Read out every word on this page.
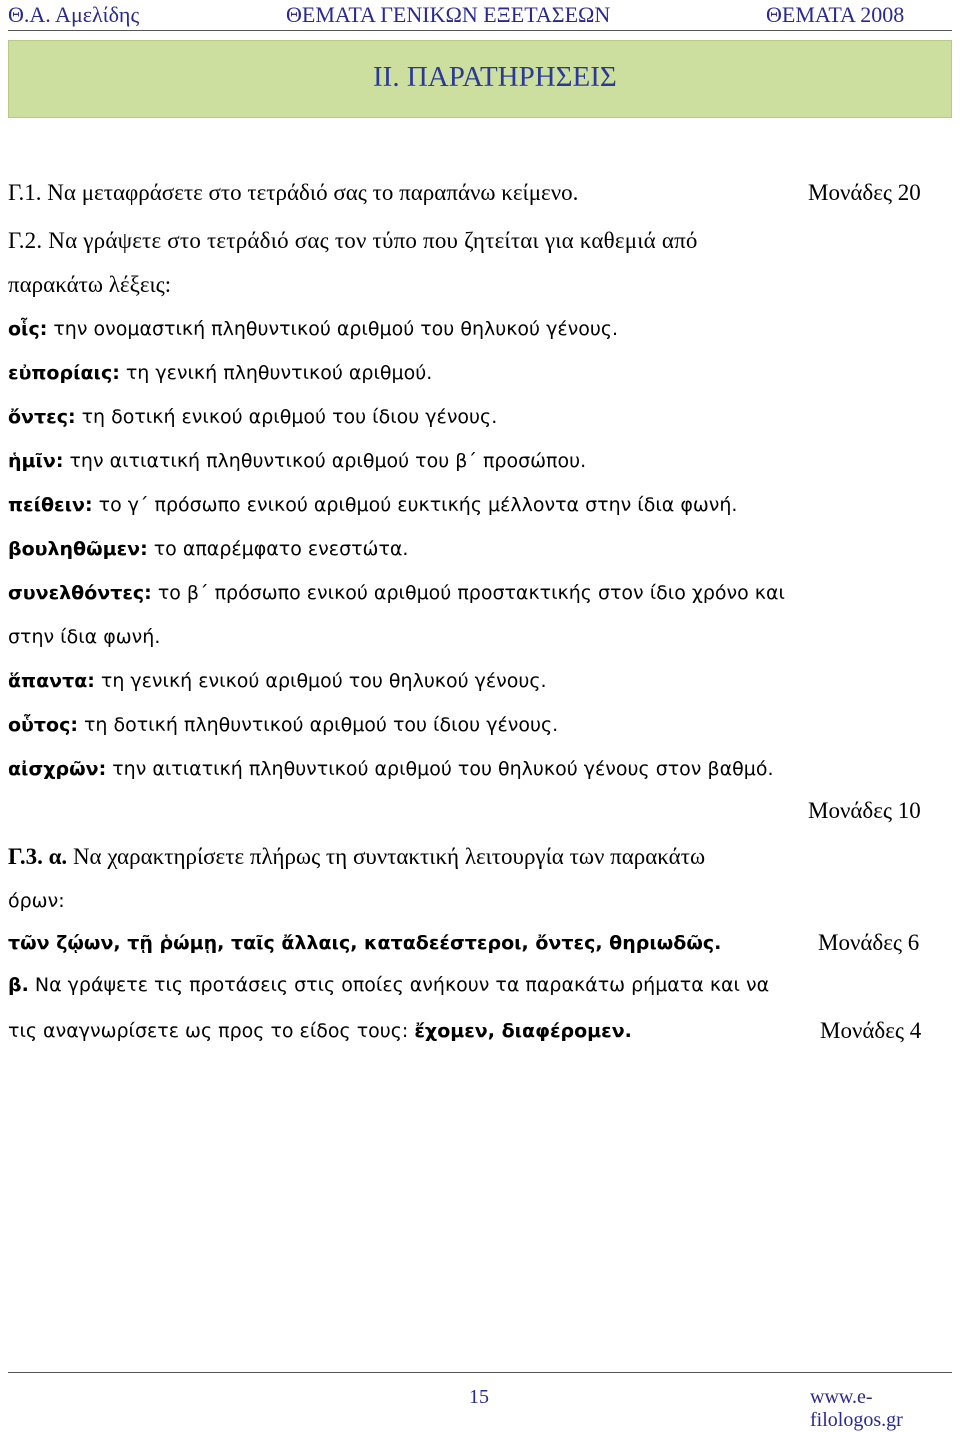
Θ.Α. Αμελίδης	ΘΕΜΑΤΑ ΓΕΝΙΚΩΝ ΕΞΕΤΑΣΕΩΝ	ΘΕΜΑΤΑ 2008
ΙΙ. ΠΑΡΑΤΗΡΗΣΕΙΣ
Γ.1. Να μεταφράσετε στο τετράδιό σας το παραπάνω κείμενο.	Μονάδες 20
Γ.2. Να γράψετε στο τετράδιό σας τον τύπο που ζητείται για καθεμιά από
παρακάτω λέξεις:
οἷς: την ονομαστική πληθυντικού αριθμού του θηλυκού γένους.
εὐπορίαις: τη γενική πληθυντικού αριθμού.
ὄντες: τη δοτική ενικού αριθμού του ίδιου γένους.
ἡμῖν: την αιτιατική πληθυντικού αριθμού του β΄ προσώπου.
πείθειν: το γ΄ πρόσωπο ενικού αριθμού ευκτικής μέλλοντα στην ίδια φωνή.
βουληθῶμεν: το απαρέμφατο ενεστώτα.
συνελθόντες: το β΄ πρόσωπο ενικού αριθμού προστακτικής στον ίδιο χρόνο και
στην ίδια φωνή.
ἅπαντα: τη γενική ενικού αριθμού του θηλυκού γένους.
οὗτος: τη δοτική πληθυντικού αριθμού του ίδιου γένους.
αἰσχρῶν: την αιτιατική πληθυντικού αριθμού του θηλυκού γένους στον βαθμό.
Μονάδες 10
Γ.3. α. Να χαρακτηρίσετε πλήρως τη συντακτική λειτουργία των παρακάτω
όρων:
τῶν ζῴων, τῇ ῥώμῃ, ταῖς ἄλλαις, καταδεέστεροι, ὄντες, θηριωδῶς.	Μονάδες 6
β. Να γράψετε τις προτάσεις στις οποίες ανήκουν τα παρακάτω ρήματα και να
τις αναγνωρίσετε ως προς το είδος τους: ἔχομεν, διαφέρομεν.	Μονάδες 4
15	www.e-filologos.gr
